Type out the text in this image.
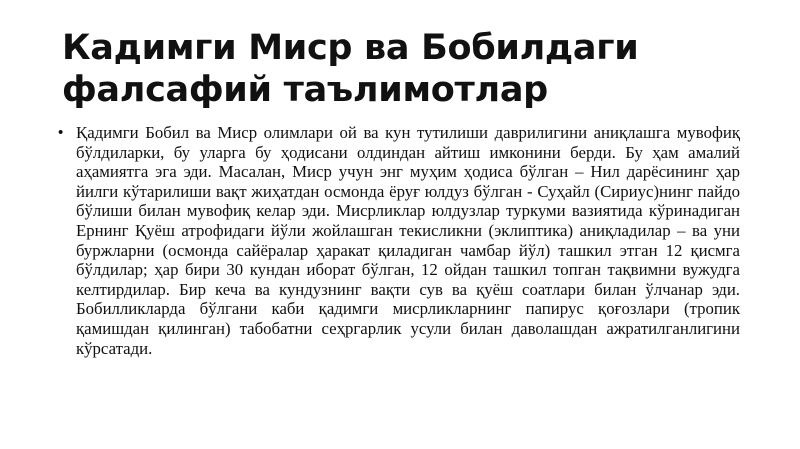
Кадимги Миср ва Бобилдаги
фалсафий таълимотлар
• Қадимги Бобил ва Миср олимлари ой ва кун тутилиши даврилигини аниқлашга мувофиқ бўлдиларки, бу уларга бу ҳодисани олдиндан айтиш имконини берди. Бу ҳам амалий аҳамиятга эга эди. Масалан, Миср учун энг муҳим ҳодиса бўлган – Нил дарёсининг ҳар йилги кўтарилиши вақт жиҳатдан осмонда ёруғ юлдуз бўлган - Суҳайл (Сириус)нинг пайдо бўлиши билан мувофиқ келар эди. Мисрликлар юлдузлар туркуми вазиятида кўринадиган Ернинг Қуёш атрофидаги йўли жойлашган текисликни (эклиптика) аниқладилар – ва уни буржларни (осмонда сайёралар ҳаракат қиладиган чамбар йўл) ташкил этган 12 қисмга бўлдилар; ҳар бири 30 кундан иборат бўлган, 12 ойдан ташкил топган тақвимни вужудга келтирдилар. Бир кеча ва кундузнинг вақти сув ва қуёш соатлари билан ўлчанар эди. Бобилликларда бўлгани каби қадимги мисрликларнинг папирус қоғозлари (тропик қамишдан қилинган) табобатни сеҳргарлик усули билан даволашдан ажратилганлигини кўрсатади.
